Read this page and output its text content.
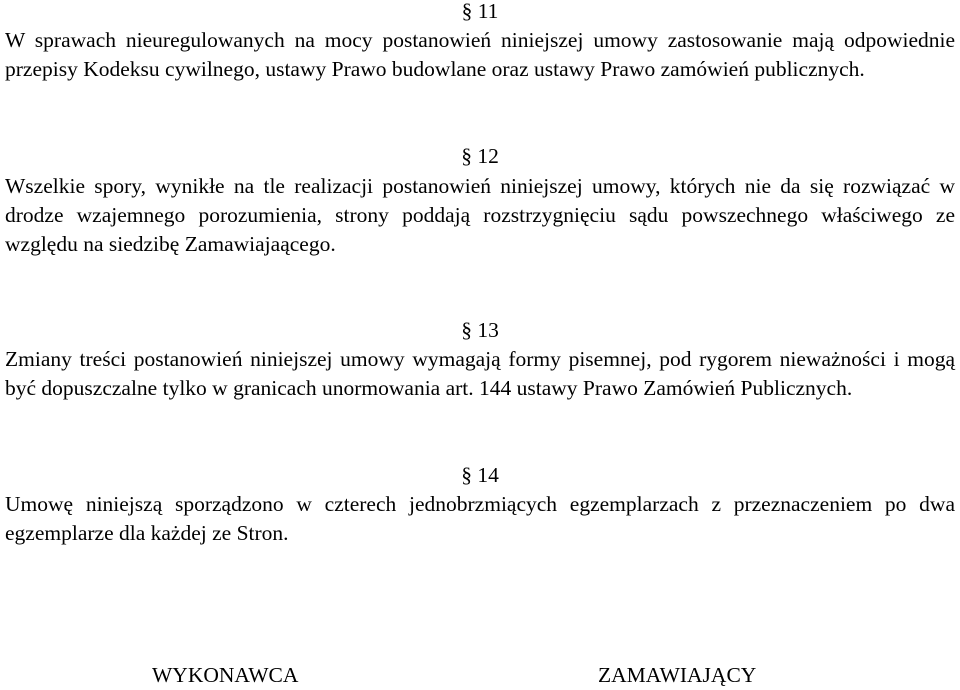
§ 11

W sprawach nieuregulowanych na mocy postanowień niniejszej umowy zastosowanie mają odpowiednie przepisy Kodeksu cywilnego, ustawy Prawo budowlane oraz ustawy Prawo zamówień publicznych.

§ 12

Wszelkie spory, wynikłe na tle realizacji postanowień niniejszej umowy, których nie da się rozwiązać w drodze wzajemnego porozumienia, strony poddają rozstrzygnięciu sądu powszechnego właściwego ze względu na siedzibę Zamawiajaącego.

§ 13

Zmiany treści postanowień niniejszej umowy wymagają formy pisemnej, pod rygorem nieważności i mogą być dopuszczalne tylko w granicach unormowania art. 144 ustawy Prawo Zamówień Publicznych.

§ 14

Umowę niniejszą sporządzono w czterech jednobrzmiących egzemplarzach z przeznaczeniem po dwa egzemplarze dla każdej ze Stron.

WYKONAWCA	ZAMAWIAJĄCY
